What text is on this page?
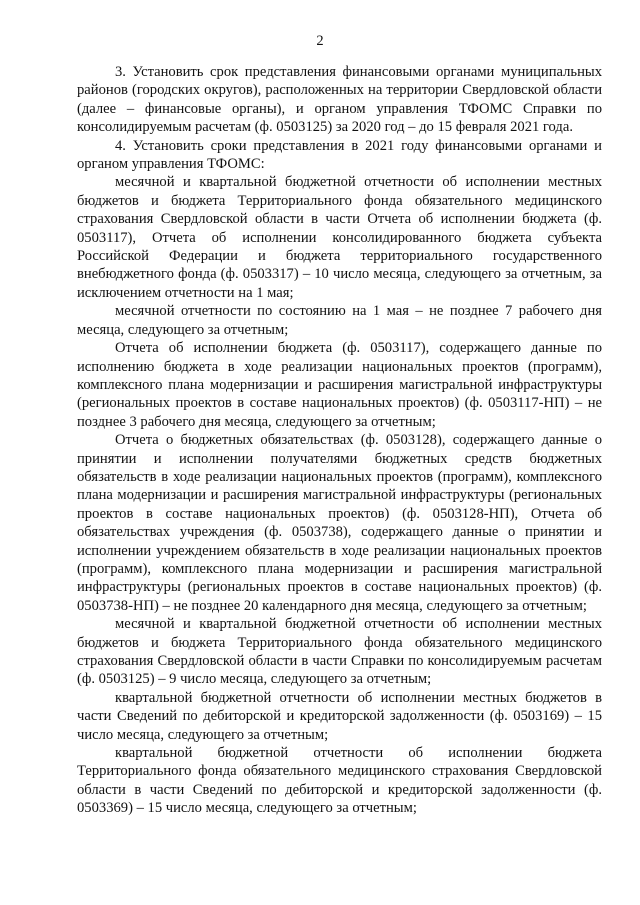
2

3. Установить срок представления финансовыми органами муниципальных районов (городских округов), расположенных на территории Свердловской области (далее – финансовые органы), и органом управления ТФОМС Справки по консолидируемым расчетам (ф. 0503125) за 2020 год – до 15 февраля 2021 года.

4. Установить сроки представления в 2021 году финансовыми органами и органом управления ТФОМС:

месячной и квартальной бюджетной отчетности об исполнении местных бюджетов и бюджета Территориального фонда обязательного медицинского страхования Свердловской области в части Отчета об исполнении бюджета (ф. 0503117), Отчета об исполнении консолидированного бюджета субъекта Российской Федерации и бюджета территориального государственного внебюджетного фонда (ф. 0503317) – 10 число месяца, следующего за отчетным, за исключением отчетности на 1 мая;

месячной отчетности по состоянию на 1 мая – не позднее 7 рабочего дня месяца, следующего за отчетным;

Отчета об исполнении бюджета (ф. 0503117), содержащего данные по исполнению бюджета в ходе реализации национальных проектов (программ), комплексного плана модернизации и расширения магистральной инфраструктуры (региональных проектов в составе национальных проектов) (ф. 0503117-НП) – не позднее 3 рабочего дня месяца, следующего за отчетным;

Отчета о бюджетных обязательствах (ф. 0503128), содержащего данные о принятии и исполнении получателями бюджетных средств бюджетных обязательств в ходе реализации национальных проектов (программ), комплексного плана модернизации и расширения магистральной инфраструктуры (региональных проектов в составе национальных проектов) (ф. 0503128-НП), Отчета об обязательствах учреждения (ф. 0503738), содержащего данные о принятии и исполнении учреждением обязательств в ходе реализации национальных проектов (программ), комплексного плана модернизации и расширения магистральной инфраструктуры (региональных проектов в составе национальных проектов) (ф. 0503738-НП) – не позднее 20 календарного дня месяца, следующего за отчетным;

месячной и квартальной бюджетной отчетности об исполнении местных бюджетов и бюджета Территориального фонда обязательного медицинского страхования Свердловской области в части Справки по консолидируемым расчетам (ф. 0503125) – 9 число месяца, следующего за отчетным;

квартальной бюджетной отчетности об исполнении местных бюджетов в части Сведений по дебиторской и кредиторской задолженности (ф. 0503169) – 15 число месяца, следующего за отчетным;

квартальной бюджетной отчетности об исполнении бюджета Территориального фонда обязательного медицинского страхования Свердловской области в части Сведений по дебиторской и кредиторской задолженности (ф. 0503369) – 15 число месяца, следующего за отчетным;
